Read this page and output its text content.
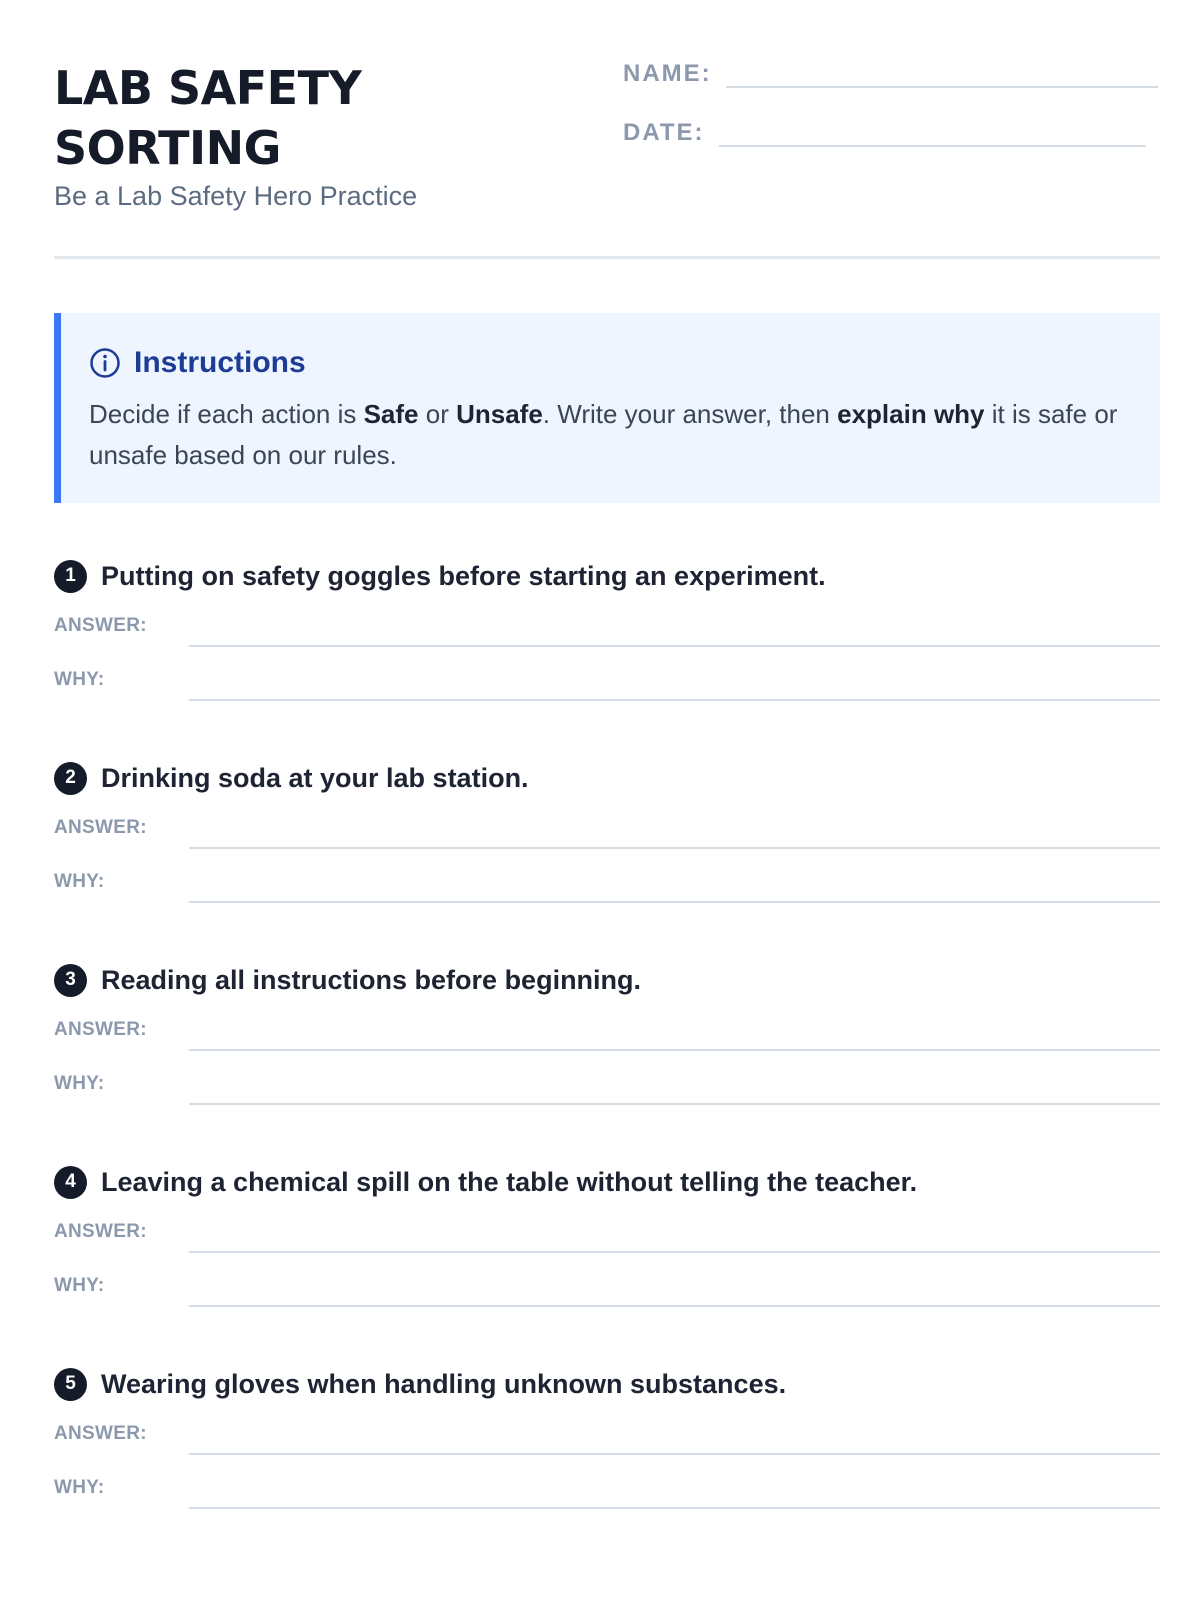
LAB SAFETY SORTING
Be a Lab Safety Hero Practice
NAME:
DATE:
Instructions
Decide if each action is Safe or Unsafe. Write your answer, then explain why it is safe or unsafe based on our rules.
1 Putting on safety goggles before starting an experiment.
ANSWER:
WHY:
2 Drinking soda at your lab station.
ANSWER:
WHY:
3 Reading all instructions before beginning.
ANSWER:
WHY:
4 Leaving a chemical spill on the table without telling the teacher.
ANSWER:
WHY:
5 Wearing gloves when handling unknown substances.
ANSWER:
WHY:
